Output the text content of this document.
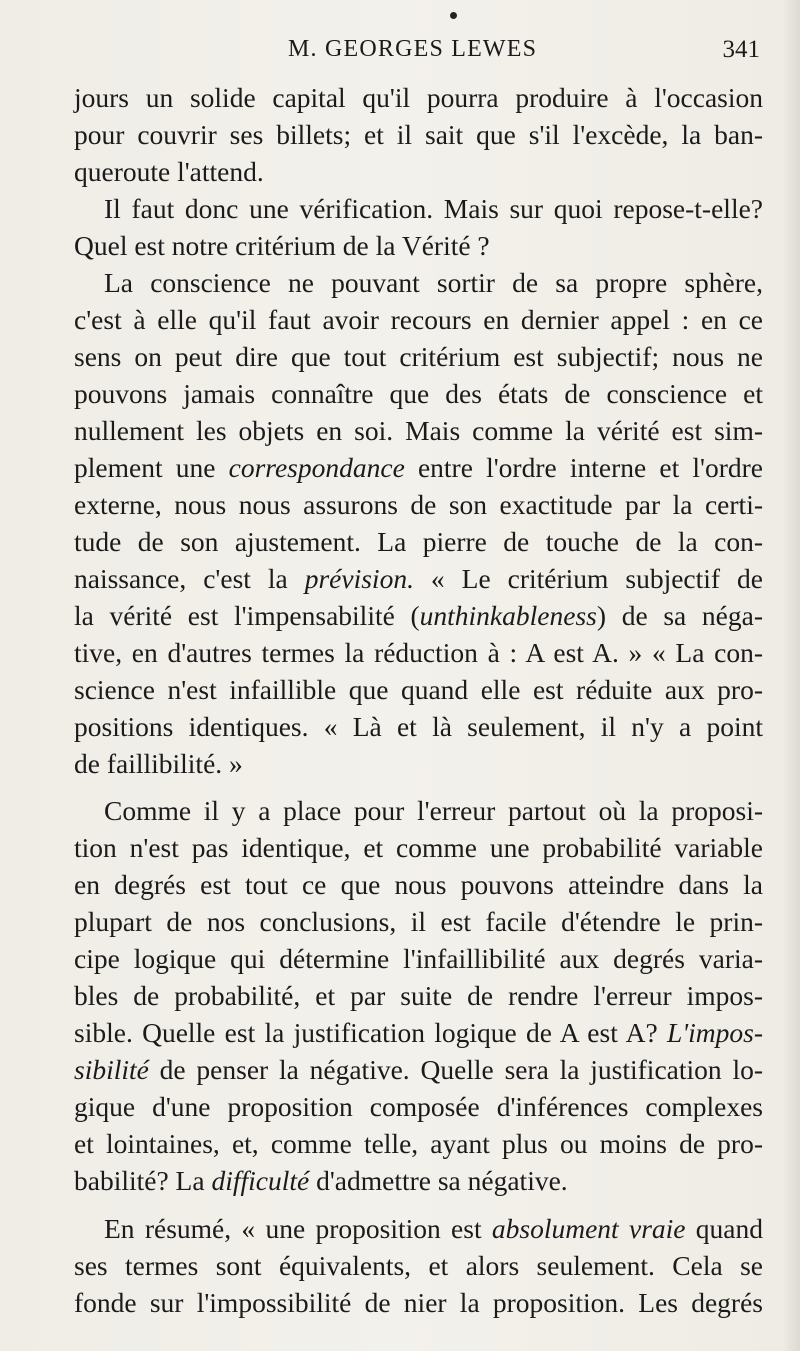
M. GEORGES LEWES	341

jours un solide capital qu'il pourra produire à l'occasion
pour couvrir ses billets; et il sait que s'il l'excède, la ban-
queroute l'attend.

Il faut donc une vérification. Mais sur quoi repose-t-elle?
Quel est notre critérium de la Vérité ?

La conscience ne pouvant sortir de sa propre sphère,
c'est à elle qu'il faut avoir recours en dernier appel : en ce
sens on peut dire que tout critérium est subjectif; nous ne
pouvons jamais connaître que des états de conscience et
nullement les objets en soi. Mais comme la vérité est sim-
plement une correspondance entre l'ordre interne et l'ordre
externe, nous nous assurons de son exactitude par la certi-
tude de son ajustement. La pierre de touche de la con-
naissance, c'est la prévision. « Le critérium subjectif de
la vérité est l'impensabilité (unthinkableness) de sa néga-
tive, en d'autres termes la réduction à : A est A. » « La con-
science n'est infaillible que quand elle est réduite aux pro-
positions identiques. « Là et là seulement, il n'y a point
de faillibilité. »

Comme il y a place pour l'erreur partout où la proposi-
tion n'est pas identique, et comme une probabilité variable
en degrés est tout ce que nous pouvons atteindre dans la
plupart de nos conclusions, il est facile d'étendre le prin-
cipe logique qui détermine l'infaillibilité aux degrés varia-
bles de probabilité, et par suite de rendre l'erreur impos-
sible. Quelle est la justification logique de A est A? L'impos-
sibilité de penser la négative. Quelle sera la justification lo-
gique d'une proposition composée d'inférences complexes
et lointaines, et, comme telle, ayant plus ou moins de pro-
babilité? La difficulté d'admettre sa négative.

En résumé, « une proposition est absolument vraie quand
ses termes sont équivalents, et alors seulement. Cela se
fonde sur l'impossibilité de nier la proposition. Les degrés
